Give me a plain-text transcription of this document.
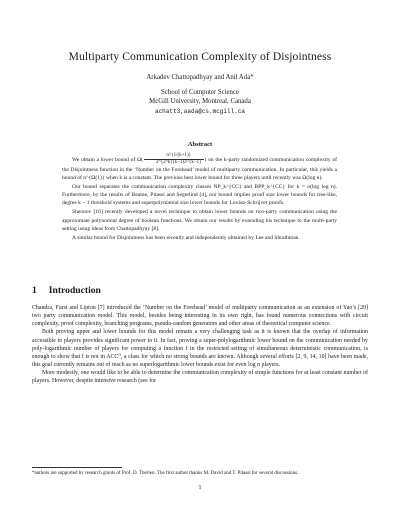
Multiparty Communication Complexity of Disjointness
Arkadev Chattopadhyay and Anil Ada*
School of Computer Science
McGill University, Montreal, Canada
achatt3,aada@cs.mcgill.ca
Abstract

We obtain a lower bound of $\Omega( \frac{n\^{}\{1/(k+1)\}}{2\^{}\{2\^{}k\}(k-1)2\^{}\{k-1\}}$ ) on the k-party randomized communication complexity of the Disjointness function in the ‘Number on the Forehead’ model of multiparty communication. In particular, this yields a bound of n^{Ω(1)} when k is a constant. The previous best lower bound for three players until recently was Ω(log n).

Our bound separates the communication complexity classes NP_k^{CC} and BPP_k^{CC} for k = o(log log n). Furthermore, by the results of Beame, Pitassi and Segerlind [4], our bound implies proof size lower bounds for tree-like, degree k − 1 threshold systems and superpolynomial size lower bounds for Lovász-Schrijver proofs.

Sherstov [16] recently developed a novel technique to obtain lower bounds on two-party communication using the approximate polynomial degree of boolean functions. We obtain our results by extending his technique to the multi-party setting using ideas from Chattopadhyay [8].

A similar bound for Disjointness has been recently and independently obtained by Lee and Shraibman.

1 Introduction

Chandra, Furst and Lipton [7] introduced the ‘Number on the Forehead’ model of multiparty communication as an extension of Yao’s [20] two party communication model. This model, besides being interesting in its own right, has found numerous connections with circuit complexity, proof complexity, branching programs, pseudo-random generators and other areas of theoretical computer science.

Both proving upper and lower bounds for this model remain a very challenging task as it is known that the overlap of information accessible to players provides significant power to it. In fact, proving a super-polylogarithmic lower bound on the communication needed by poly-logarithmic number of players for computing a function f in the restricted setting of simultaneous deterministic communication, is enough to show that f is not in ACC⁰, a class for which no strong bounds are known. Although several efforts [2, 9, 14, 10] have been made, this goal currently remains out of reach as no superlogarithmic lower bounds exist for even log n players.

More modestly, one would like to be able to determine the communication complexity of simple functions for at least constant number of players. However, despite intensive research (see for

*authors are supported by research grants of Prof. D. Thérien. The first author thanks M. David and T. Pitassi for several discussions.
1
